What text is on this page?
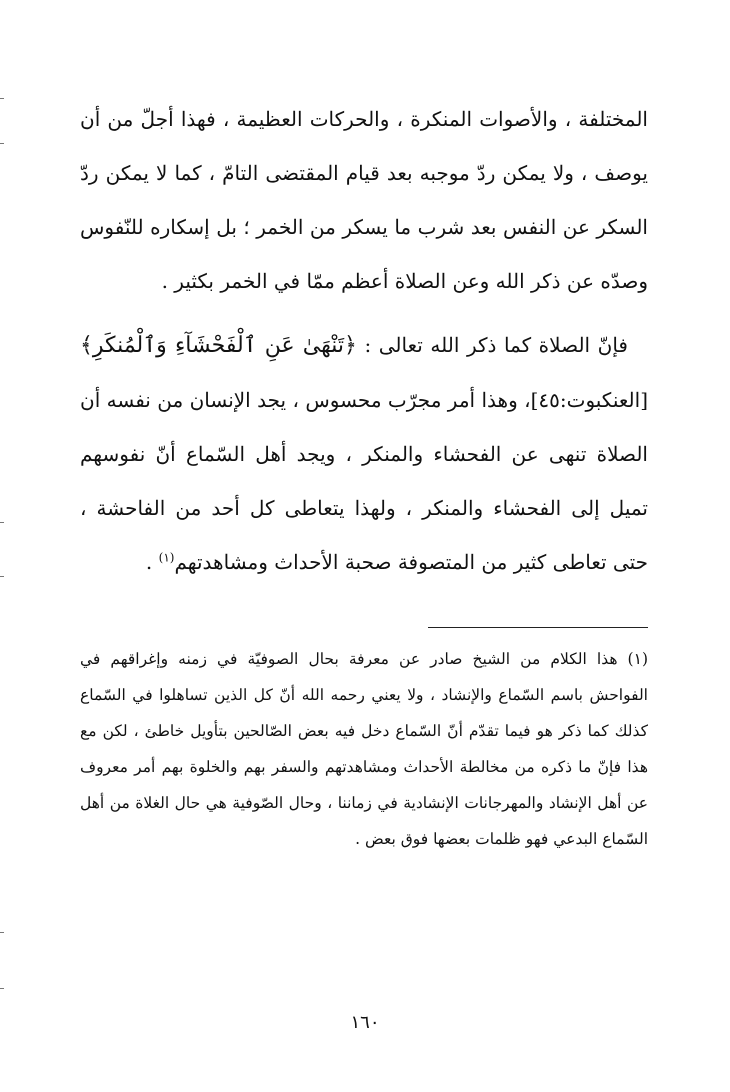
المختلفة ، والأصوات المنكرة ، والحركات العظيمة ، فهذا أجلّ من أن يوصف ، ولا يمكن ردّ موجبه بعد قيام المقتضى التامّ ، كما لا يمكن ردّ السكر عن النفس بعد شرب ما يسكر من الخمر ؛ بل إسكاره للنّفوس وصدّه عن ذكر الله وعن الصلاة أعظم ممّا في الخمر بكثير .

فإنّ الصلاة كما ذكر الله تعالى : ﴿تَنْهَىٰ عَنِ ٱلْفَحْشَآءِ وَٱلْمُنكَرِ﴾ [العنكبوت:٤٥]، وهذا أمر مجرّب محسوس ، يجد الإنسان من نفسه أن الصلاة تنهى عن الفحشاء والمنكر ، ويجد أهل السّماع أنّ نفوسهم تميل إلى الفحشاء والمنكر ، ولهذا يتعاطى كل أحد من الفاحشة ، حتى تعاطى كثير من المتصوفة صحبة الأحداث ومشاهدتهم$^{(١)}$ .

(١)هذا الكلام من الشيخ صادر عن معرفة بحال الصوفيّة في زمنه وإغراقهم في الفواحش باسم السّماع والإنشاد ، ولا يعني رحمه الله أنّ كل الذين تساهلوا في السّماع كذلك كما ذكر هو فيما تقدّم أنّ السّماع دخل فيه بعض الصّالحين بتأويل خاطئ ، لكن مع هذا فإنّ ما ذكره من مخالطة الأحداث ومشاهدتهم والسفر بهم والخلوة بهم أمر معروف عن أهل الإنشاد والمهرجانات الإنشادية في زماننا ، وحال الصّوفية هي حال الغلاة من أهل السّماع البدعي فهو ظلمات بعضها فوق بعض .
١٦٠
